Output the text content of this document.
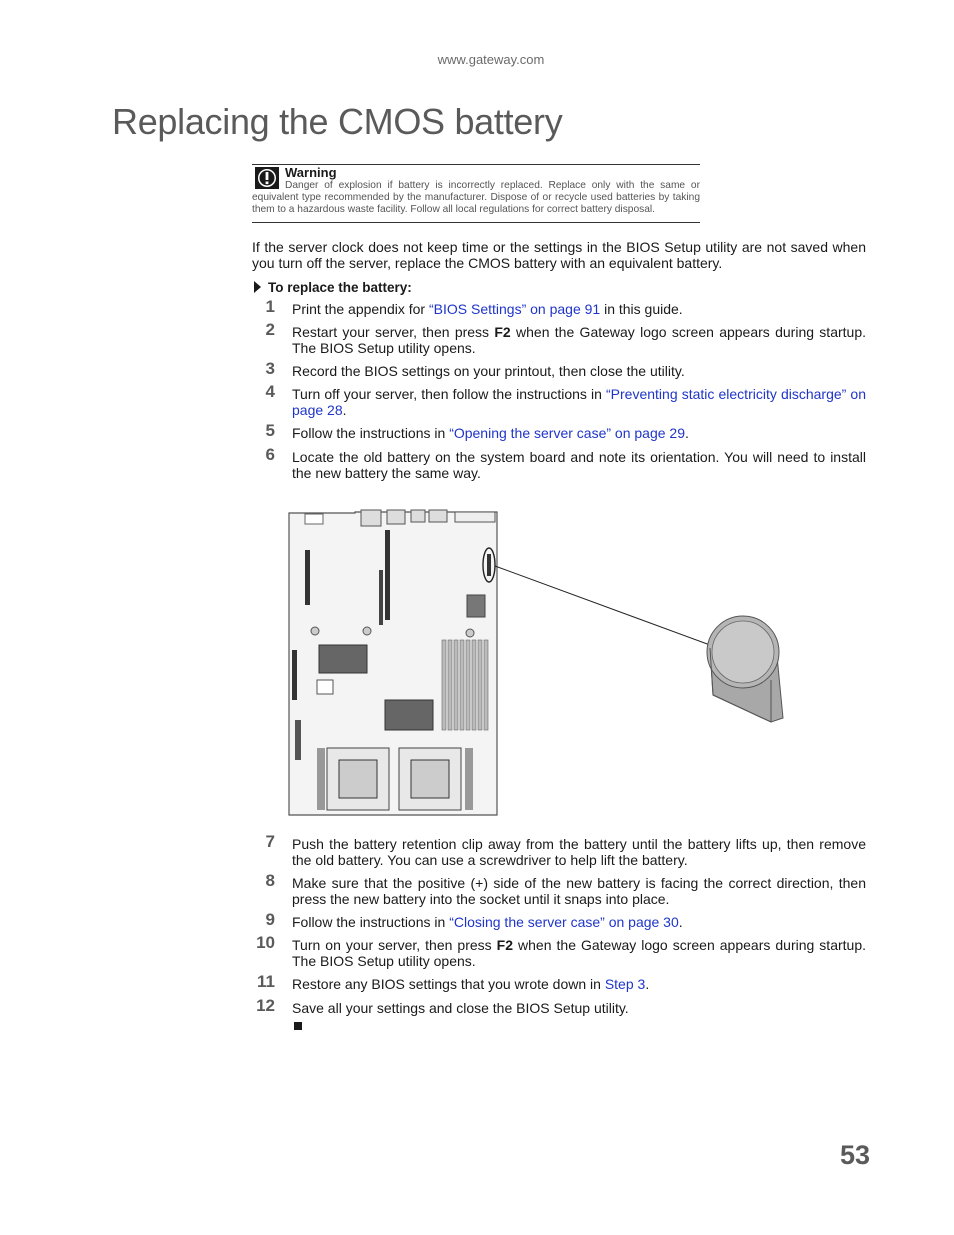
www.gateway.com
Replacing the CMOS battery
Warning
Danger of explosion if battery is incorrectly replaced. Replace only with the same or equivalent type recommended by the manufacturer. Dispose of or recycle used batteries by taking them to a hazardous waste facility. Follow all local regulations for correct battery disposal.
If the server clock does not keep time or the settings in the BIOS Setup utility are not saved when you turn off the server, replace the CMOS battery with an equivalent battery.
To replace the battery:
1 Print the appendix for “BIOS Settings” on page 91 in this guide.
2 Restart your server, then press F2 when the Gateway logo screen appears during startup. The BIOS Setup utility opens.
3 Record the BIOS settings on your printout, then close the utility.
4 Turn off your server, then follow the instructions in “Preventing static electricity discharge” on page 28.
5 Follow the instructions in “Opening the server case” on page 29.
6 Locate the old battery on the system board and note its orientation. You will need to install the new battery the same way.
7 Push the battery retention clip away from the battery until the battery lifts up, then remove the old battery. You can use a screwdriver to help lift the battery.
8 Make sure that the positive (+) side of the new battery is facing the correct direction, then press the new battery into the socket until it snaps into place.
9 Follow the instructions in “Closing the server case” on page 30.
10 Turn on your server, then press F2 when the Gateway logo screen appears during startup. The BIOS Setup utility opens.
11 Restore any BIOS settings that you wrote down in Step 3.
12 Save all your settings and close the BIOS Setup utility.
53
